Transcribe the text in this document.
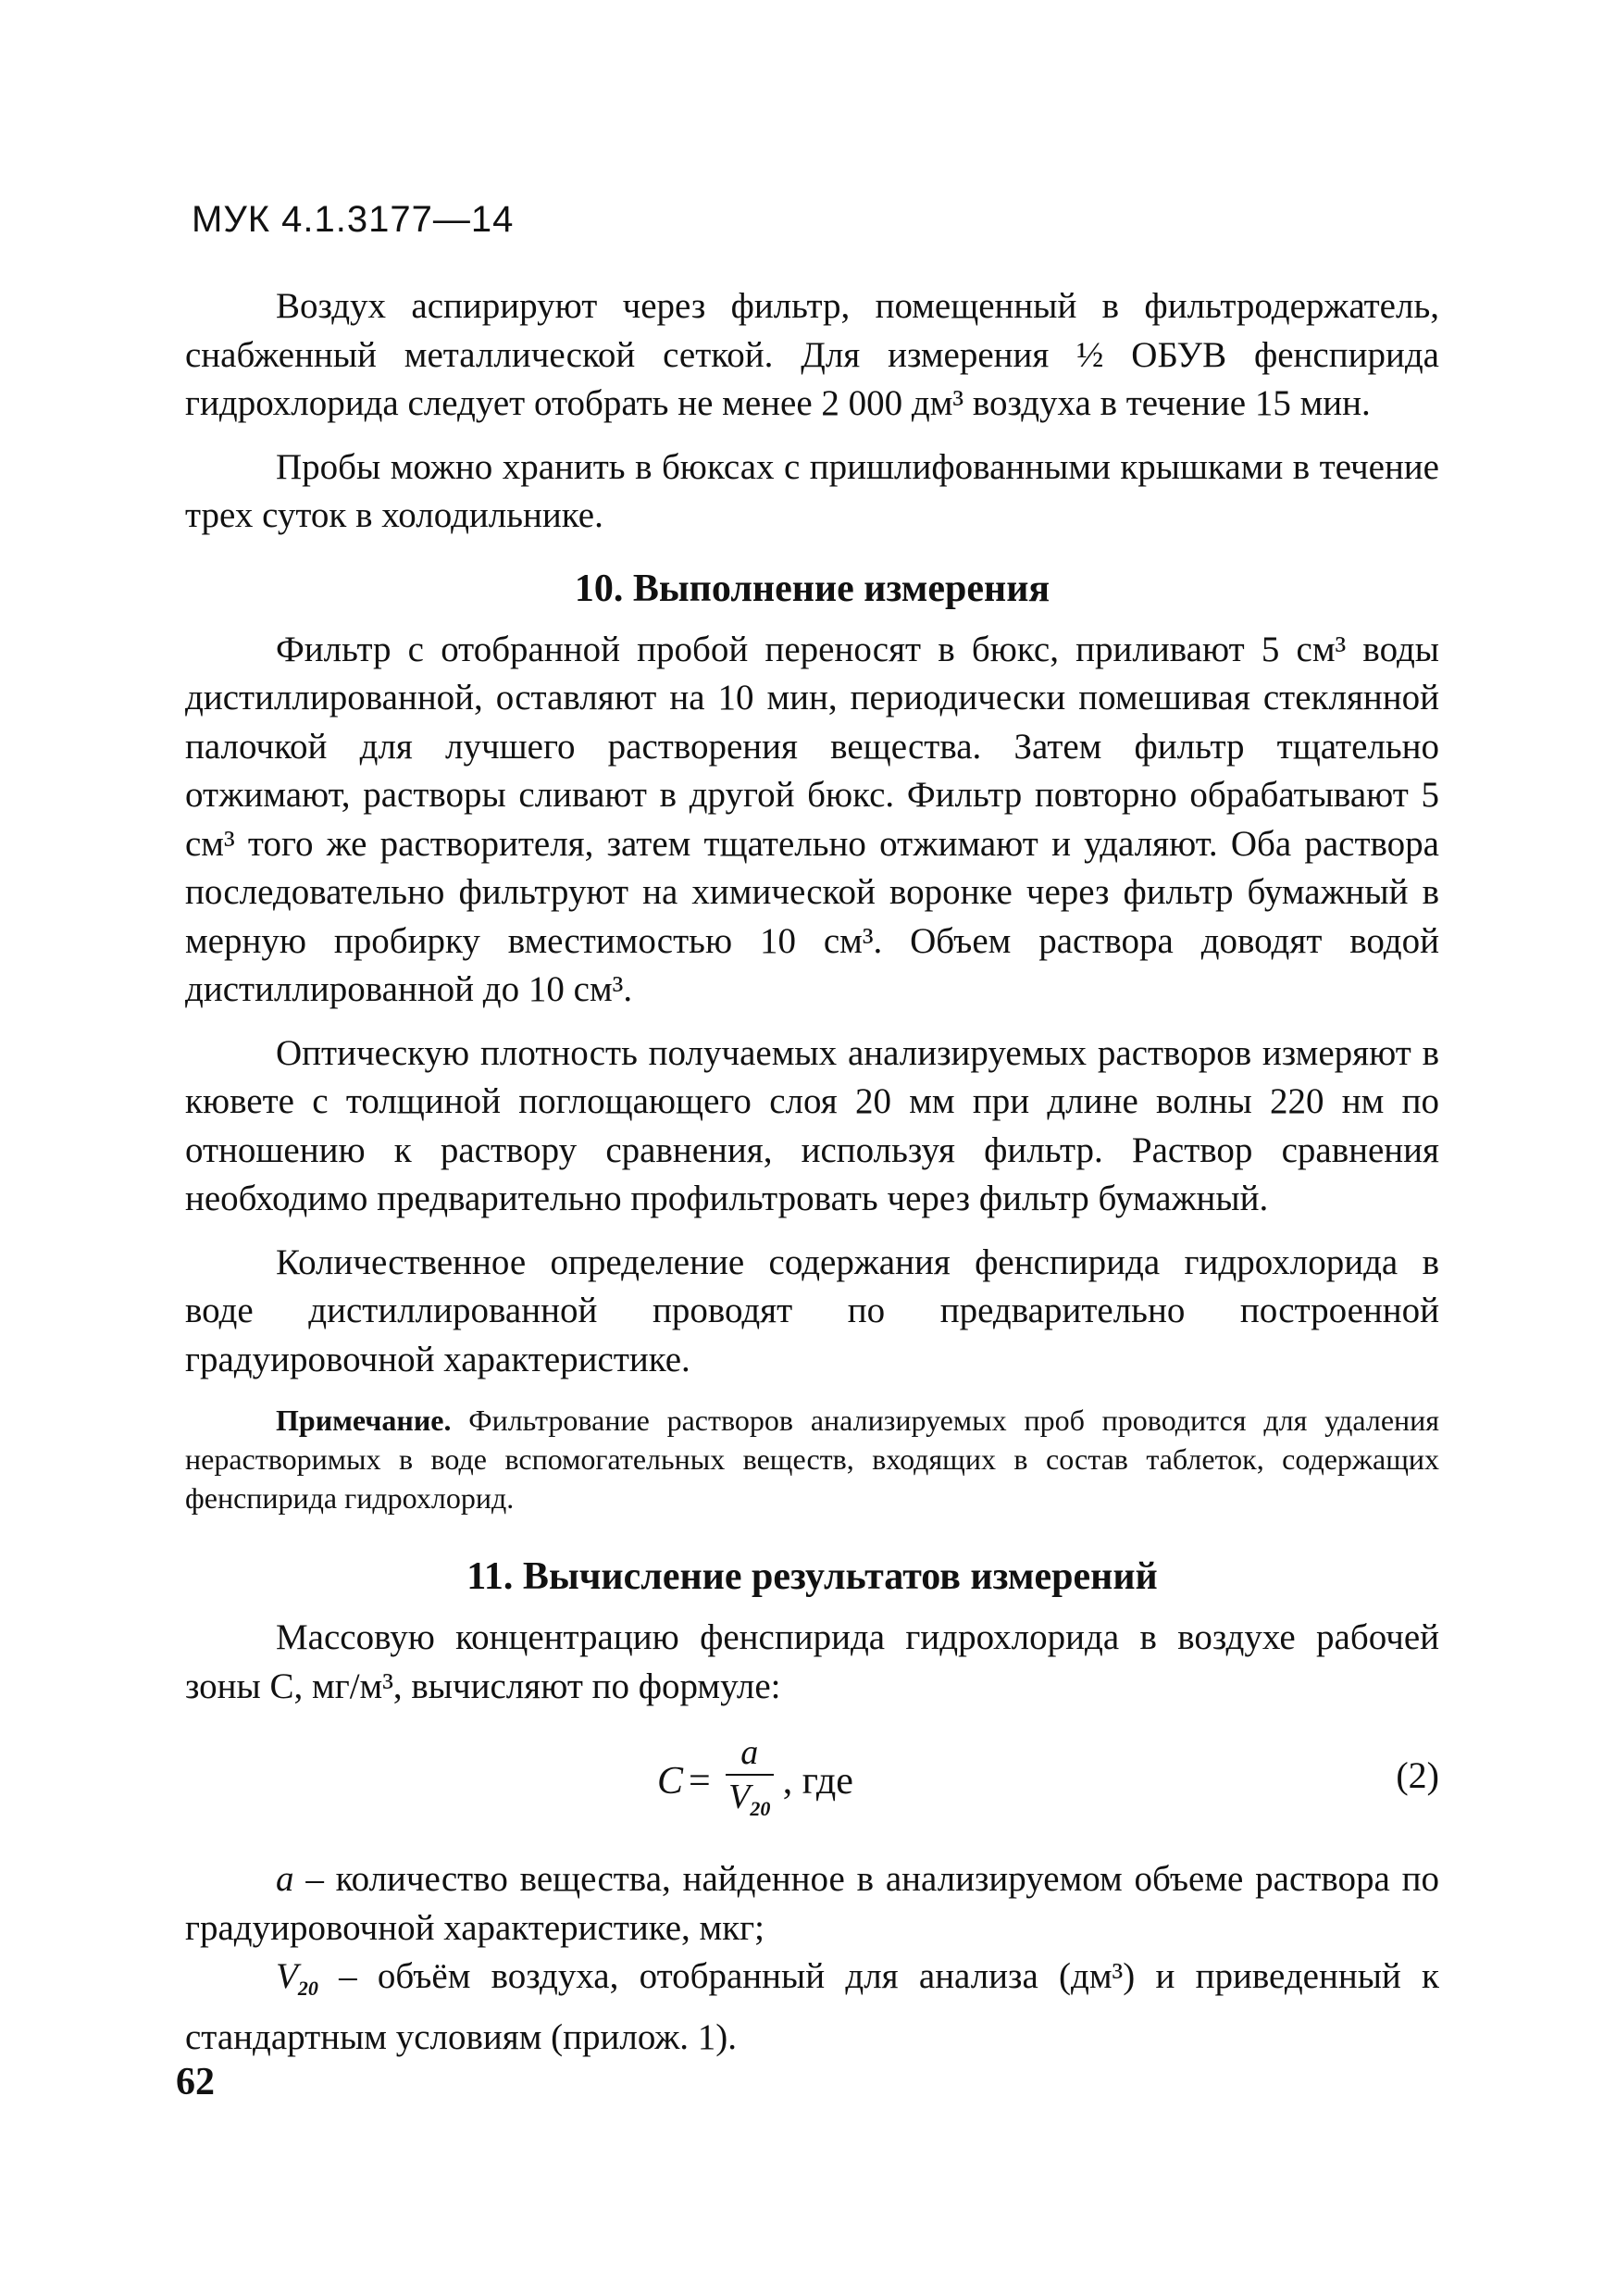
МУК 4.1.3177—14

Воздух аспирируют через фильтр, помещенный в фильтродержатель, снабженный металлической сеткой. Для измерения ½ ОБУВ фенспирида гидрохлорида следует отобрать не менее 2 000 дм³ воздуха в течение 15 мин.

Пробы можно хранить в бюксах с пришлифованными крышками в течение трех суток в холодильнике.

10. Выполнение измерения

Фильтр с отобранной пробой переносят в бюкс, приливают 5 см³ воды дистиллированной, оставляют на 10 мин, периодически помешивая стеклянной палочкой для лучшего растворения вещества. Затем фильтр тщательно отжимают, растворы сливают в другой бюкс. Фильтр повторно обрабатывают 5 см³ того же растворителя, затем тщательно отжимают и удаляют. Оба раствора последовательно фильтруют на химической воронке через фильтр бумажный в мерную пробирку вместимостью 10 см³. Объем раствора доводят водой дистиллированной до 10 см³.

Оптическую плотность получаемых анализируемых растворов измеряют в кювете с толщиной поглощающего слоя 20 мм при длине волны 220 нм по отношению к раствору сравнения, используя фильтр. Раствор сравнения необходимо предварительно профильтровать через фильтр бумажный.

Количественное определение содержания фенспирида гидрохлорида в воде дистиллированной проводят по предварительно построенной градуировочной характеристике.

Примечание. Фильтрование растворов анализируемых проб проводится для удаления нерастворимых в воде вспомогательных веществ, входящих в состав таблеток, содержащих фенспирида гидрохлорид.

11. Вычисление результатов измерений

Массовую концентрацию фенспирида гидрохлорида в воздухе рабочей зоны С, мг/м³, вычисляют по формуле:

$C = \frac{a}{V_{20}}$ , где	(2)

a – количество вещества, найденное в анализируемом объеме раствора по градуировочной характеристике, мкг;

$V_{20}$ – объём воздуха, отобранный для анализа (дм³) и приведенный к стандартным условиям (прилож. 1).

62
